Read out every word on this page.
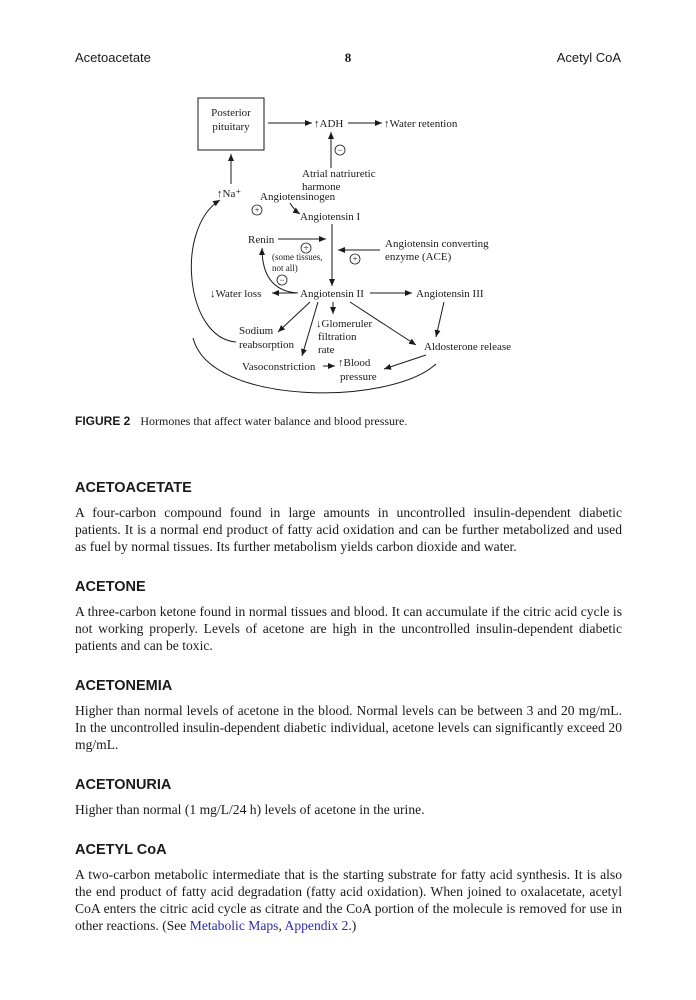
Acetoacetate	8	Acetyl CoA
Posterior
pituitary	↑ADH	↑Water retention
−
Atrial natriuretic
harmone
↑Na⁺ Angiotensinogen
+
Angiotensin I
Renin
+
(some tissues,
not all)
−
+
Angiotensin converting
enzyme (ACE)
Angiotensin II
↓Water loss	Angiotensin III
Sodium
reabsorption
↓Glomeruler
filtration
rate	Aldosterone release
Vasoconstriction ↑Blood
pressure
FIGURE 2 Hormones that affect water balance and blood pressure.
ACETOACETATE

A four-carbon compound found in large amounts in uncontrolled insulin-dependent diabetic patients. It is a normal end product of fatty acid oxidation and can be further metabolized and used as fuel by normal tissues. Its further metabolism yields carbon dioxide and water.

ACETONE

A three-carbon ketone found in normal tissues and blood. It can accumulate if the citric acid cycle is not working properly. Levels of acetone are high in the uncontrolled insulin-dependent diabetic patients and can be toxic.

ACETONEMIA

Higher than normal levels of acetone in the blood. Normal levels can be between 3 and 20 mg/mL. In the uncontrolled insulin-dependent diabetic individual, acetone levels can significantly exceed 20 mg/mL.

ACETONURIA

Higher than normal (1 mg/L/24 h) levels of acetone in the urine.

ACETYL CoA

A two-carbon metabolic intermediate that is the starting substrate for fatty acid synthesis. It is also the end product of fatty acid degradation (fatty acid oxidation). When joined to oxalacetate, acetyl CoA enters the citric acid cycle as citrate and the CoA portion of the molecule is removed for use in other reactions. (See Metabolic Maps, Appendix 2.)
